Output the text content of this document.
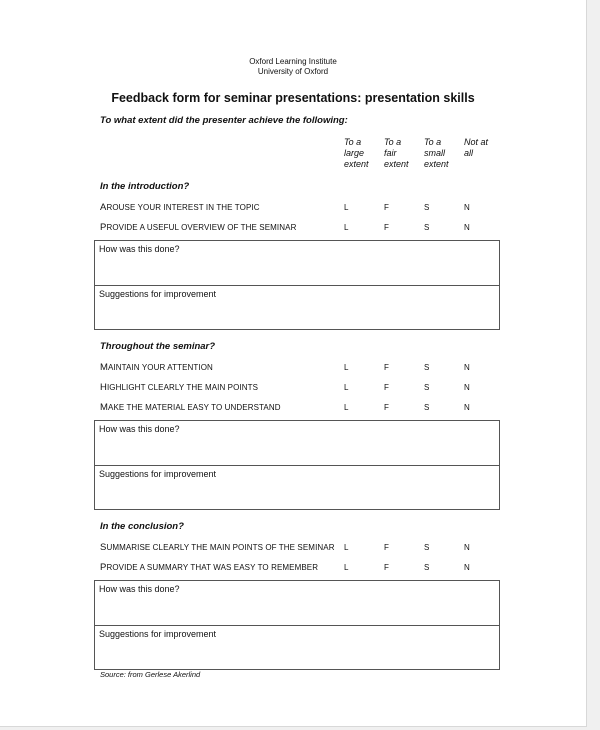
Oxford Learning Institute
University of Oxford
Feedback form for seminar presentations: presentation skills
To what extent did the presenter achieve the following:
To a
large
extent
To a
fair
extent
To a
small
extent
Not at
all
In the introduction?
AROUSE YOUR INTEREST IN THE TOPIC	L	F	S	N
PROVIDE A USEFUL OVERVIEW OF THE SEMINAR	L	F	S	N
How was this done?
Suggestions for improvement
Throughout the seminar?
MAINTAIN YOUR ATTENTION	L	F	S	N
HIGHLIGHT CLEARLY THE MAIN POINTS	L	F	S	N
MAKE THE MATERIAL EASY TO UNDERSTAND	L	F	S	N
How was this done?
Suggestions for improvement
In the conclusion?
SUMMARISE CLEARLY THE MAIN POINTS OF THE SEMINAR L	F	S	N
PROVIDE A SUMMARY THAT WAS EASY TO REMEMBER	L	F	S	N
How was this done?
Suggestions for improvement
Source: from Gerlese Akerlind
